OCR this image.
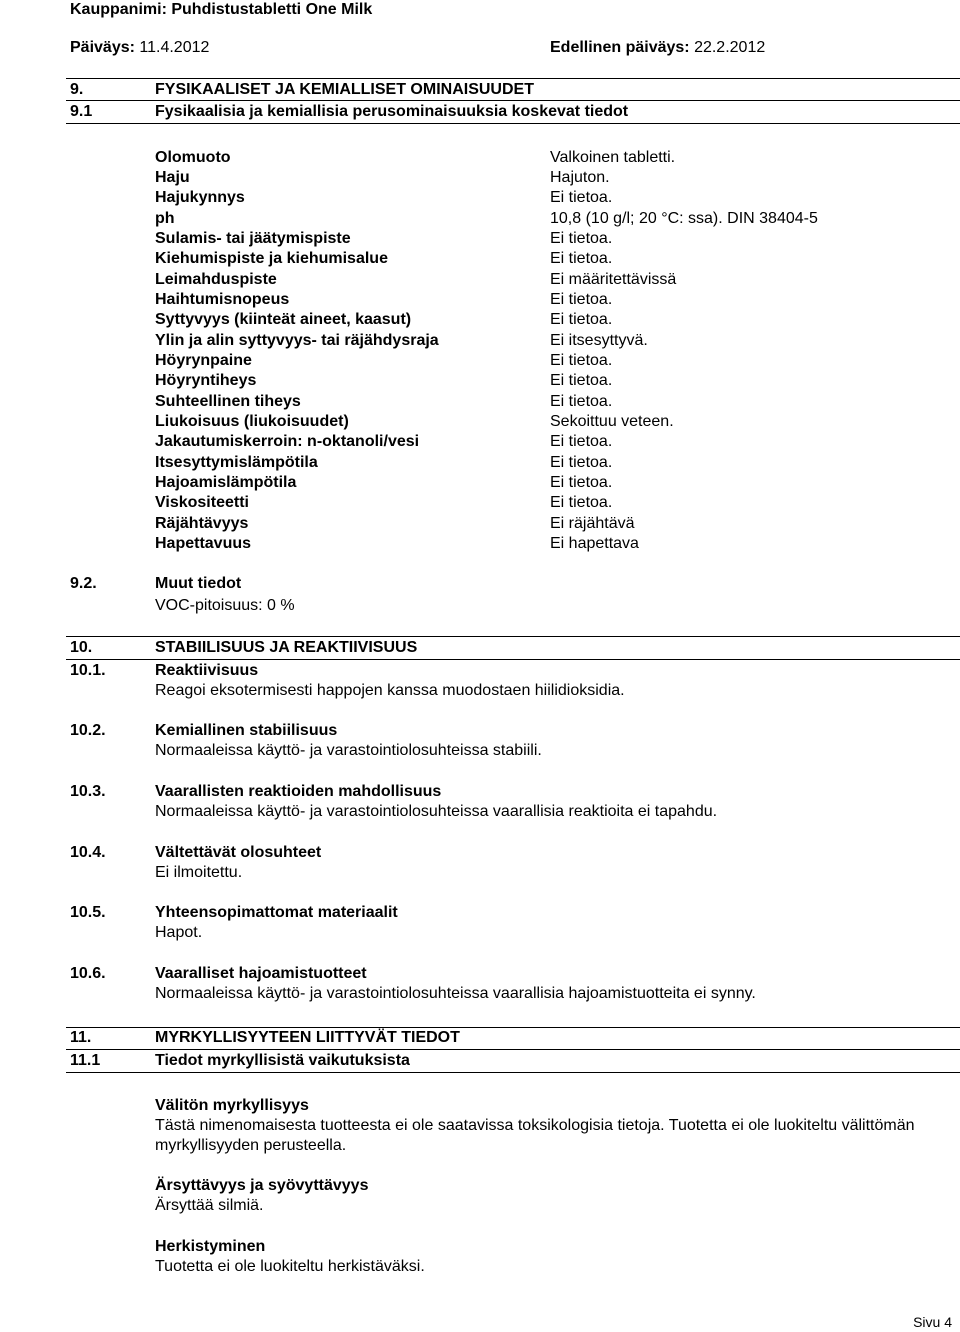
Kauppanimi: Puhdistustabletti One Milk
Päiväys: 11.4.2012	Edellinen päiväys: 22.2.2012
9.	FYSIKAALISET JA KEMIALLISET OMINAISUUDET
9.1	Fysikaalisia ja kemiallisia perusominaisuuksia koskevat tiedot
Olomuoto	Valkoinen tabletti.
Haju	Hajuton.
Hajukynnys	Ei tietoa.
ph	10,8 (10 g/l; 20 °C: ssa). DIN 38404-5
Sulamis- tai jäätymispiste	Ei tietoa.
Kiehumispiste ja kiehumisalue	Ei tietoa.
Leimahduspiste	Ei määritettävissä
Haihtumisnopeus	Ei tietoa.
Syttyvyys (kiinteät aineet, kaasut)	Ei tietoa.
Ylin ja alin syttyvyys- tai räjähdysraja	Ei itsesyttyvä.
Höyrynpaine	Ei tietoa.
Höyryntiheys	Ei tietoa.
Suhteellinen tiheys	Ei tietoa.
Liukoisuus (liukoisuudet)	Sekoittuu veteen.
Jakautumiskerroin: n-oktanoli/vesi	Ei tietoa.
Itsesyttymislämpötila	Ei tietoa.
Hajoamislämpötila	Ei tietoa.
Viskositeetti	Ei tietoa.
Räjähtävyys	Ei räjähtävä
Hapettavuus	Ei hapettava
9.2.	Muut tiedot
VOC-pitoisuus: 0 %
10.	STABIILISUUS JA REAKTIIVISUUS
10.1.	Reaktiivisuus
Reagoi eksotermisesti happojen kanssa muodostaen hiilidioksidia.
10.2.	Kemiallinen stabiilisuus
Normaaleissa käyttö- ja varastointiolosuhteissa stabiili.
10.3.	Vaarallisten reaktioiden mahdollisuus
Normaaleissa käyttö- ja varastointiolosuhteissa vaarallisia reaktioita ei tapahdu.
10.4.	Vältettävät olosuhteet
Ei ilmoitettu.
10.5.	Yhteensopimattomat materiaalit
Hapot.
10.6.	Vaaralliset hajoamistuotteet
Normaaleissa käyttö- ja varastointiolosuhteissa vaarallisia hajoamistuotteita ei synny.
11.	MYRKYLLISYYTEEN LIITTYVÄT TIEDOT
11.1	Tiedot myrkyllisistä vaikutuksista
Välitön myrkyllisyys
Tästä nimenomaisesta tuotteesta ei ole saatavissa toksikologisia tietoja. Tuotetta ei ole luokiteltu välittömän myrkyllisyyden perusteella.
Ärsyttävyys ja syövyttävyys
Ärsyttää silmiä.
Herkistyminen
Tuotetta ei ole luokiteltu herkistäväksi.
Sivu 4
